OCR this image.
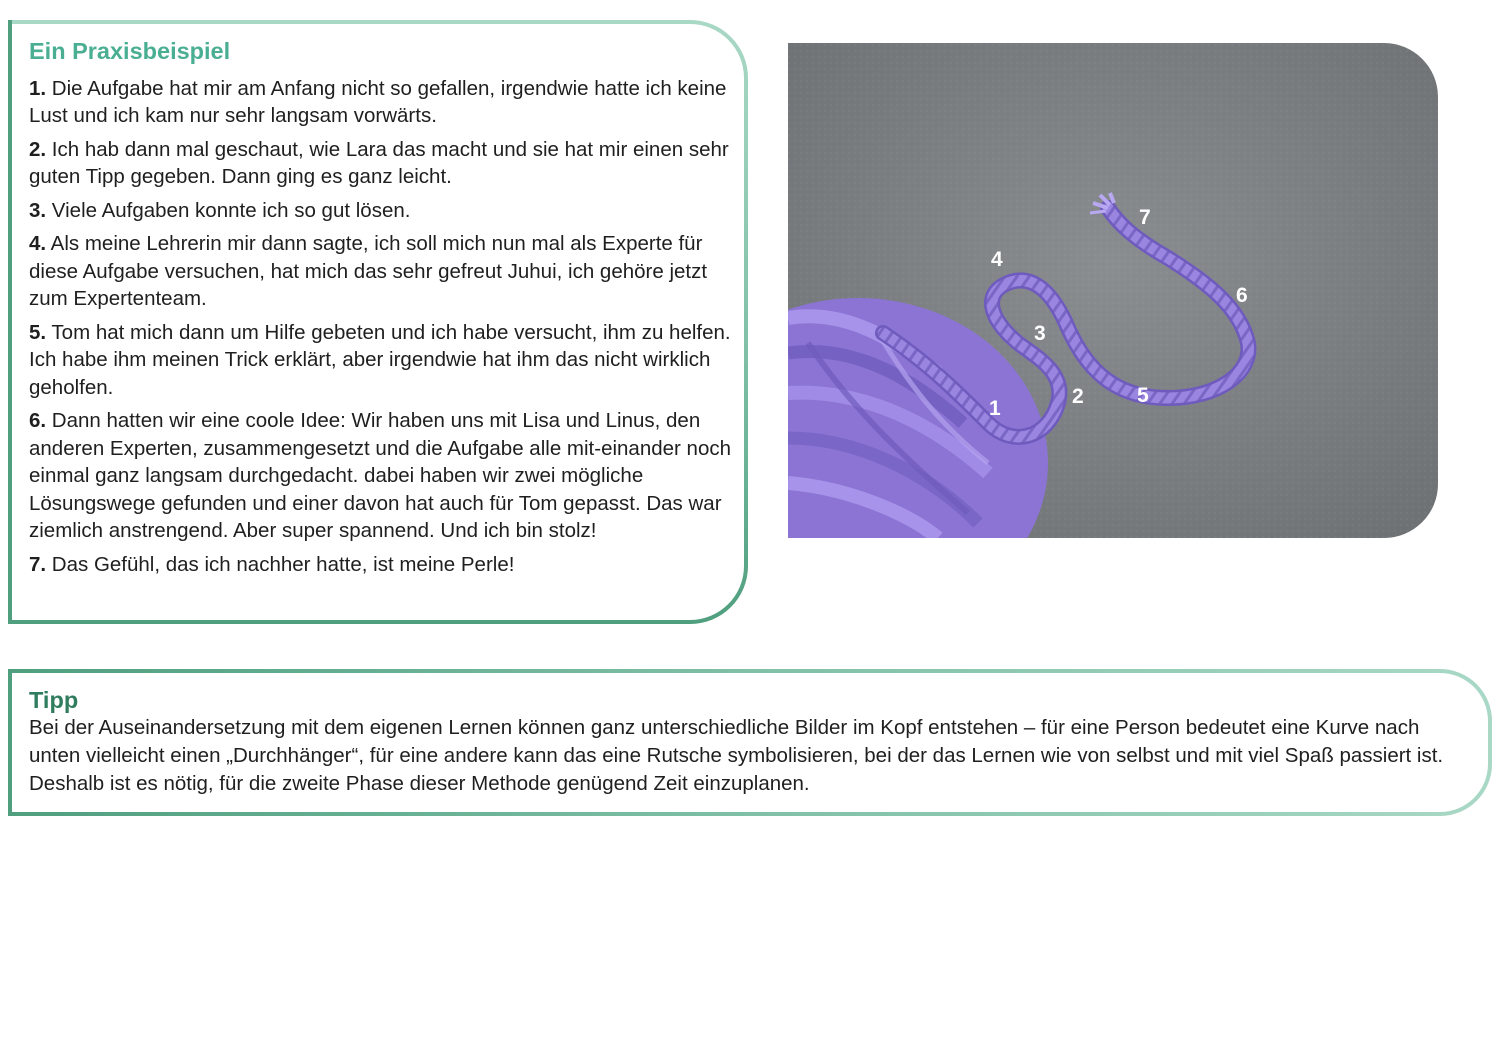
Ein Praxisbeispiel
1. Die Aufgabe hat mir am Anfang nicht so gefallen, irgendwie hatte ich keine Lust und ich kam nur sehr langsam vorwärts.
2. Ich hab dann mal geschaut, wie Lara das macht und sie hat mir einen sehr guten Tipp gegeben. Dann ging es ganz leicht.
3. Viele Aufgaben konnte ich so gut lösen.
4. Als meine Lehrerin mir dann sagte, ich soll mich nun mal als Experte für diese Aufgabe versuchen, hat mich das sehr gefreut Juhui, ich gehöre jetzt zum Expertenteam.
5. Tom hat mich dann um Hilfe gebeten und ich habe versucht, ihm zu helfen. Ich habe ihm meinen Trick erklärt, aber irgendwie hat ihm das nicht wirklich geholfen.
6. Dann hatten wir eine coole Idee: Wir haben uns mit Lisa und Linus, den anderen Experten, zusammengesetzt und die Aufgabe alle mit-einander noch einmal ganz langsam durchgedacht. dabei haben wir zwei mögliche Lösungswege gefunden und einer davon hat auch für Tom gepasst. Das war ziemlich anstrengend. Aber super spannend. Und ich bin stolz!
7. Das Gefühl, das ich nachher hatte, ist meine Perle!
1
2
3
4
5
6
7
Tipp

Bei der Auseinandersetzung mit dem eigenen Lernen können ganz unterschiedliche Bilder im Kopf entstehen – für eine Person bedeutet eine Kurve nach unten vielleicht einen „Durchhänger“, für eine andere kann das eine Rutsche symbolisieren, bei der das Lernen wie von selbst und mit viel Spaß passiert ist. Deshalb ist es nötig, für die zweite Phase dieser Methode genügend Zeit einzuplanen.
